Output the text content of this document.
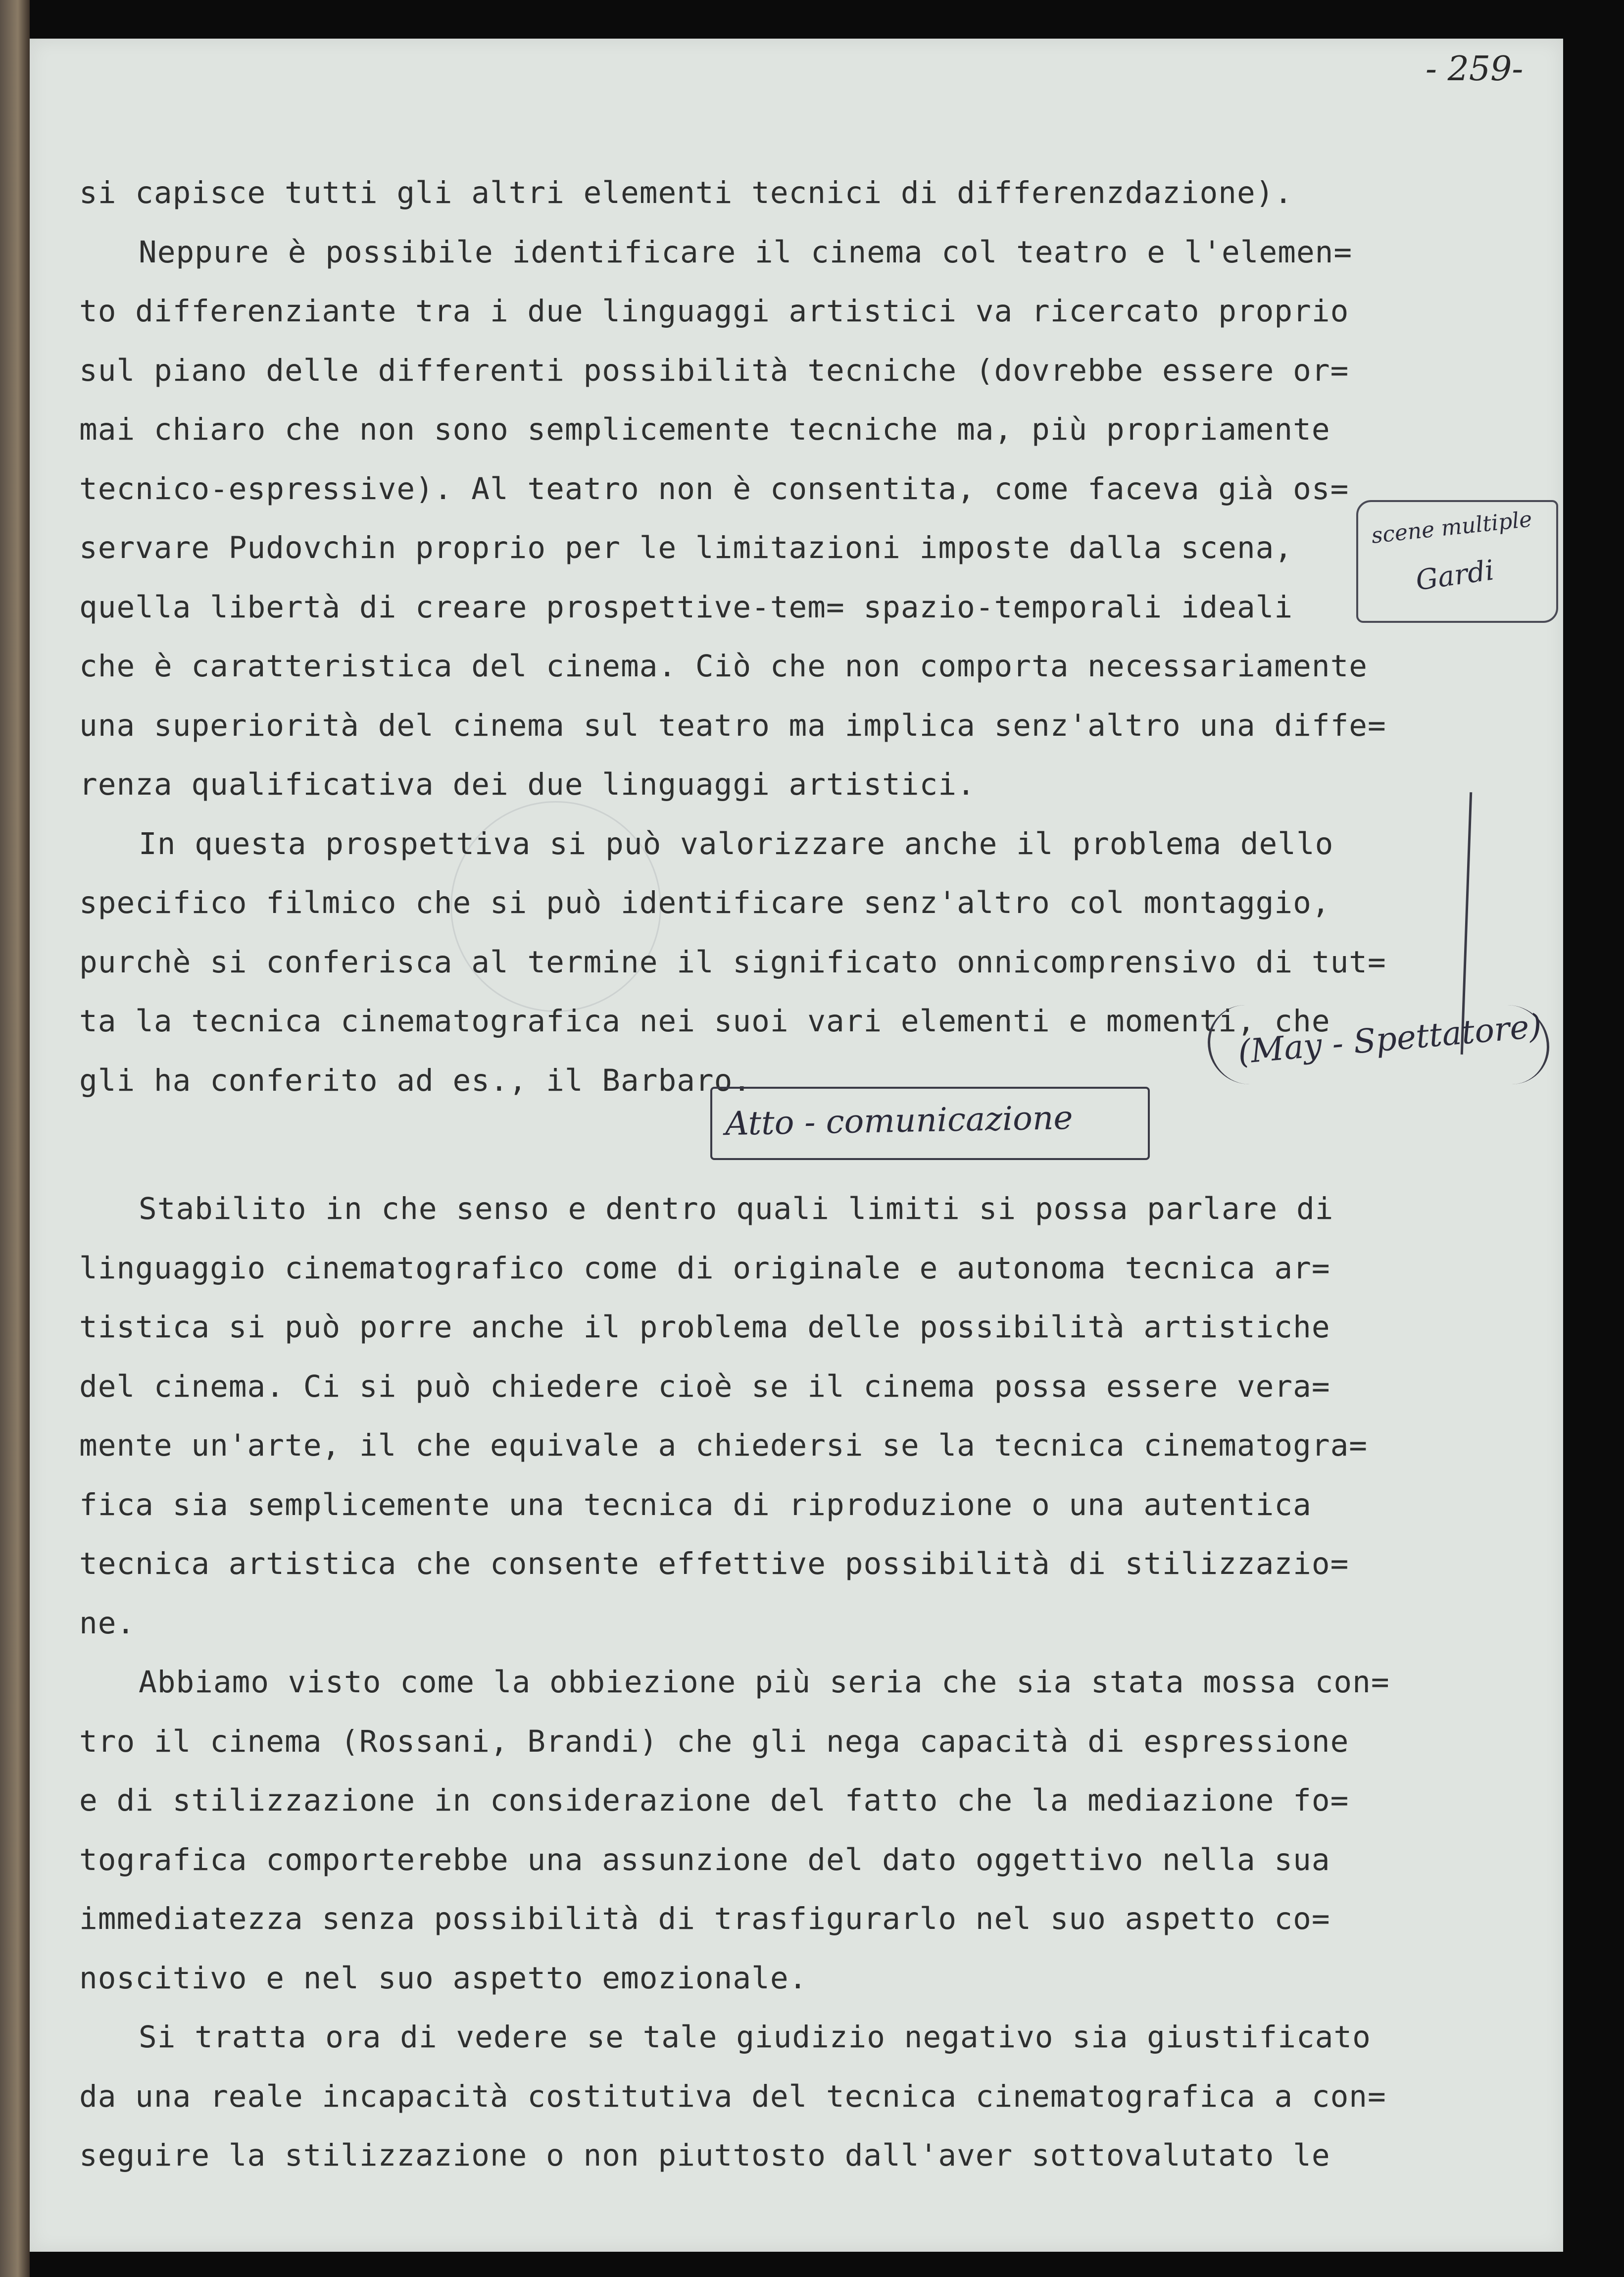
- 259-
si capisce tutti gli altri elementi tecnici di differenzdazione).
Neppure è possibile identificare il cinema col teatro e l'elemen=
to differenziante tra i due linguaggi artistici va ricercato proprio
sul piano delle differenti possibilità tecniche (dovrebbe essere or=
mai chiaro che non sono semplicemente tecniche ma, più propriamente
tecnico-espressive). Al teatro non è consentita, come faceva già os=
servare Pudovchin proprio per le limitazioni imposte dalla scena,
quella libertà di creare prospettive-tem= spazio-temporali ideali
che è caratteristica del cinema. Ciò che non comporta necessariamente
una superiorità del cinema sul teatro ma implica senz'altro una diffe=
renza qualificativa dei due linguaggi artistici.
In questa prospettiva si può valorizzare anche il problema dello
specifico filmico che si può identificare senz'altro col montaggio,
purchè si conferisca al termine il significato onnicomprensivo di tut=
ta la tecnica cinematografica nei suoi vari elementi e momenti, che
gli ha conferito ad es., il Barbaro.
Stabilito in che senso e dentro quali limiti si possa parlare di
linguaggio cinematografico come di originale e autonoma tecnica ar=
tistica si può porre anche il problema delle possibilità artistiche
del cinema. Ci si può chiedere cioè se il cinema possa essere vera=
mente un'arte, il che equivale a chiedersi se la tecnica cinematogra=
fica sia semplicemente una tecnica di riproduzione o una autentica
tecnica artistica che consente effettive possibilità di stilizzazio=
ne.
Abbiamo visto come la obbiezione più seria che sia stata mossa con=
tro il cinema (Rossani, Brandi) che gli nega capacità di espressione
e di stilizzazione in considerazione del fatto che la mediazione fo=
tografica comporterebbe una assunzione del dato oggettivo nella sua
immediatezza senza possibilità di trasfigurarlo nel suo aspetto co=
noscitivo e nel suo aspetto emozionale.
Si tratta ora di vedere se tale giudizio negativo sia giustificato
da una reale incapacità costitutiva del tecnica cinematografica a con=
seguire la stilizzazione o non piuttosto dall'aver sottovalutato le
scene multiple
Gardi
(May - Spettatore)
Atto - comunicazione
